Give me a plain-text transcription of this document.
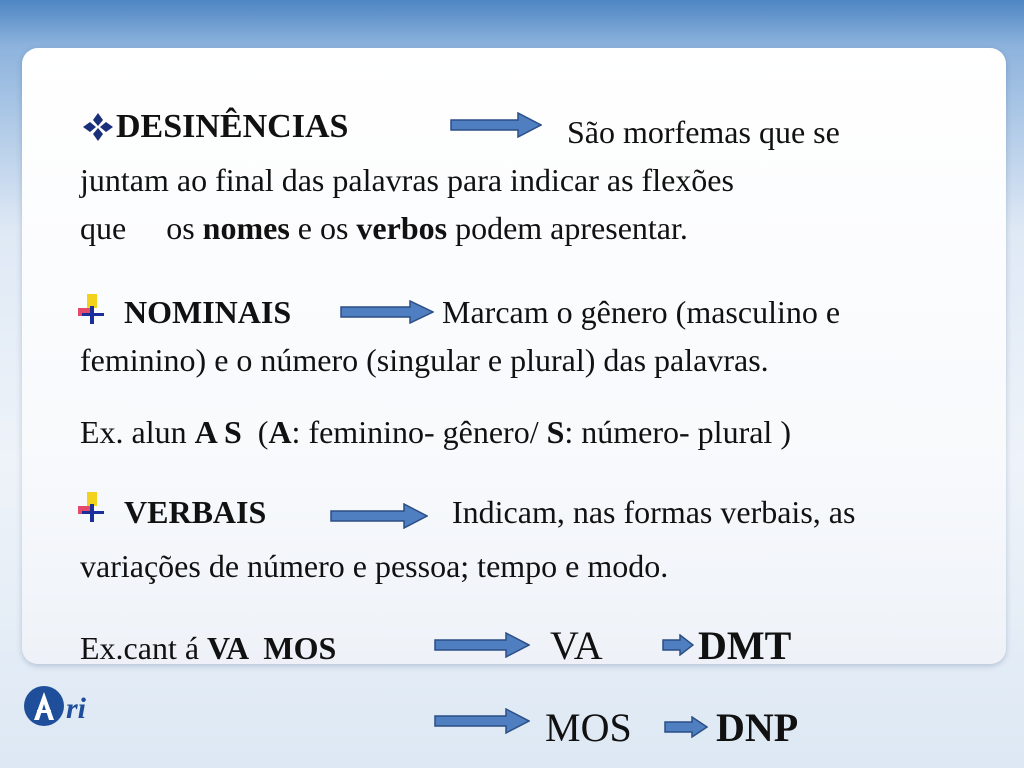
DESINÊNCIAS	São morfemas que se
juntam ao final das palavras para indicar as flexões
que     os nomes e os verbos podem apresentar.
NOMINAIS	Marcam o gênero (masculino e
feminino) e o número (singular e plural) das palavras.
Ex. alun A S  (A: feminino- gênero/ S: número- plural )
VERBAIS	Indicam, nas formas verbais, as
variações de número e pessoa; tempo e modo.
Ex.cant á VA  MOS	VA DMT
MOS DNP
ri
